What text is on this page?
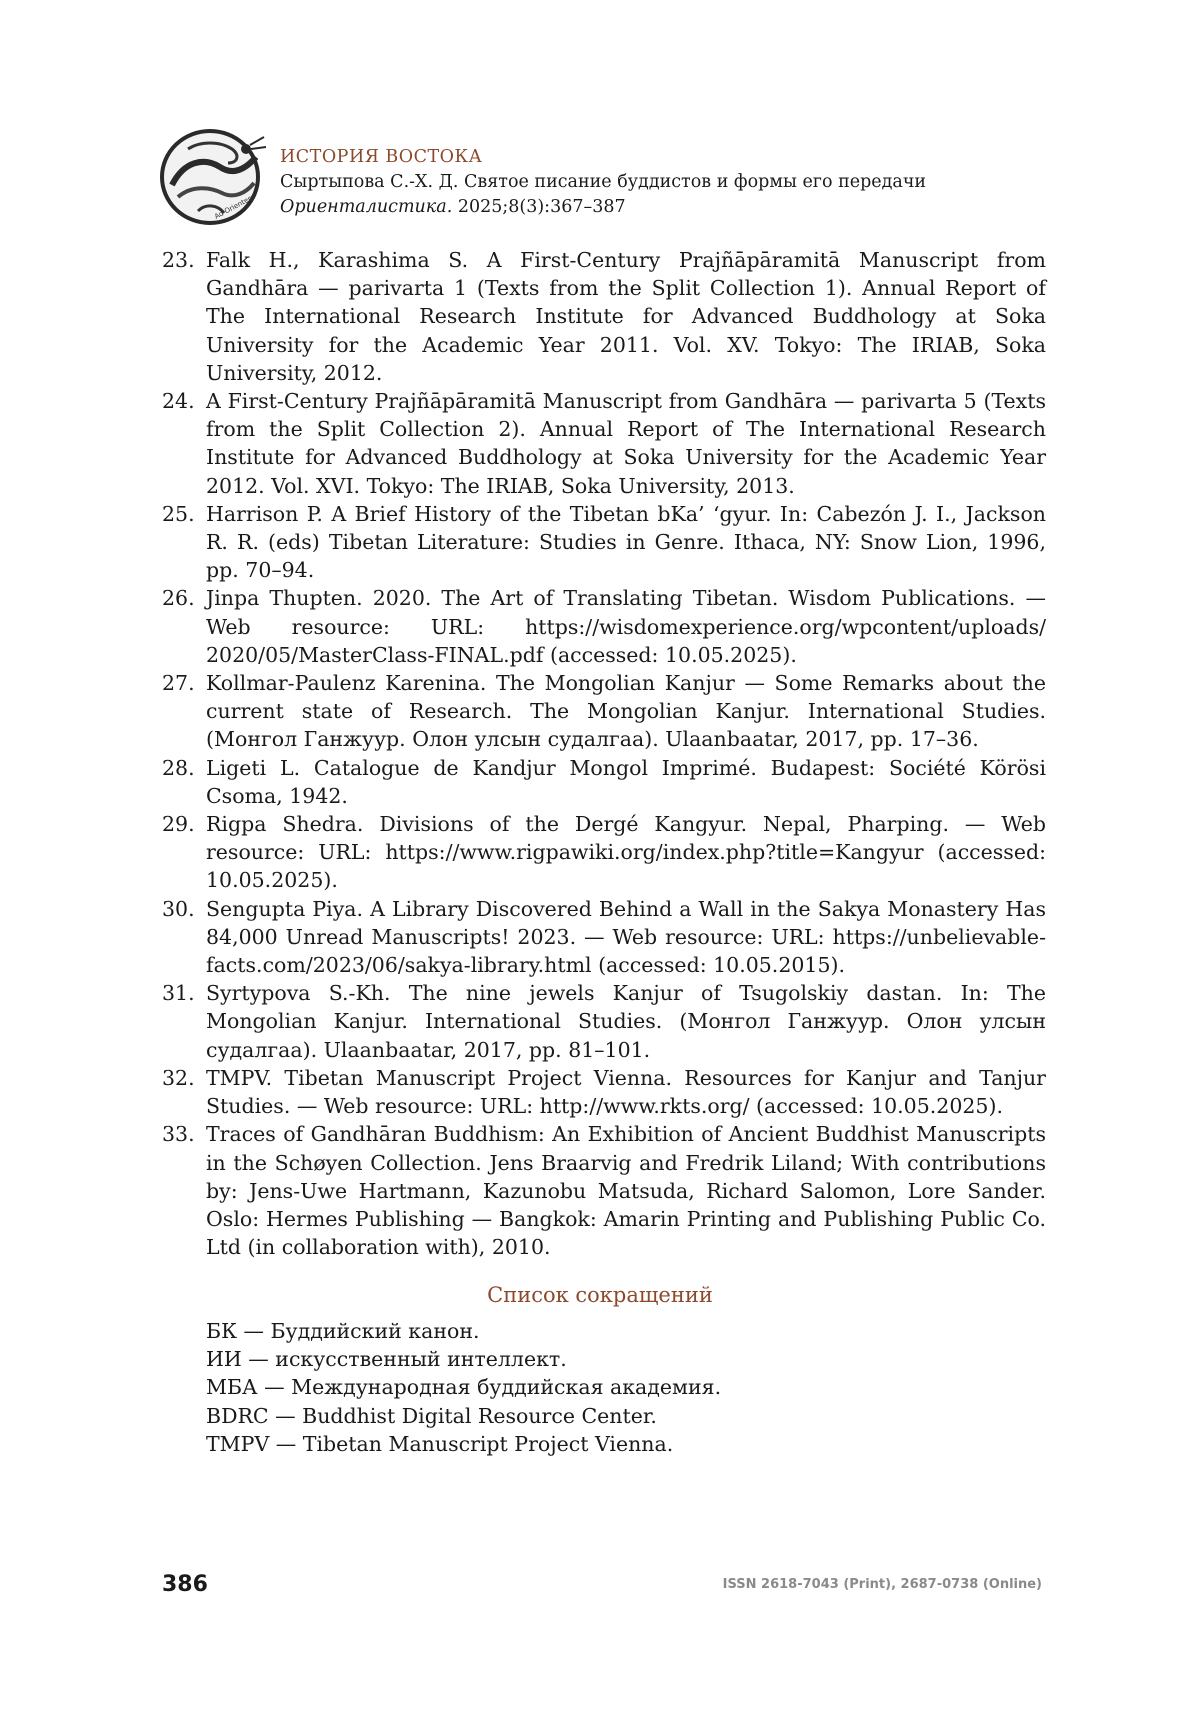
Ad Orientem
ИСТОРИЯ ВОСТОКА
Сыртыпова С.-Х. Д. Святое писание буддистов и формы его передачи
Ориенталистика. 2025;8(3):367–387
23. Falk H., Karashima S. A First-Century Prajñāpāramitā Manuscript from Gandhāra — parivarta 1 (Texts from the Split Collection 1). Annual Report of The International Research Institute for Advanced Buddhology at Soka University for the Academic Year 2011. Vol. XV. Tokyo: The IRIAB, Soka University, 2012.
24. A First-Century Prajñāpāramitā Manuscript from Gandhāra — parivarta 5 (Texts from the Split Collection 2). Annual Report of The International Research Institute for Advanced Buddhology at Soka University for the Academic Year 2012. Vol. XVI. Tokyo: The IRIAB, Soka University, 2013.
25. Harrison P. A Brief History of the Tibetan bKa’ ‘gyur. In: Cabezón J. I., Jackson R. R. (eds) Tibetan Literature: Studies in Genre. Ithaca, NY: Snow Lion, 1996, pp. 70–94.
26. Jinpa Thupten. 2020. The Art of Translating Tibetan. Wisdom Publications. — Web resource: URL: https://wisdomexperience.org/wpcontent/uploads/ 2020/05/MasterClass-FINAL.pdf (accessed: 10.05.2025).
27. Kollmar-Paulenz Karenina. The Mongolian Kanjur — Some Remarks about the current state of Research. The Mongolian Kanjur. International Studies. (Монгол Ганжуур. Олон улсын судалгаа). Ulaanbaatar, 2017, pp. 17–36.
28. Ligeti L. Catalogue de Kandjur Mongol Imprimé. Budapest: Société Körösi Csoma, 1942.
29. Rigpa Shedra. Divisions of the Dergé Kangyur. Nepal, Pharping. — Web resource: URL: https://www.rigpawiki.org/index.php?title=Kangyur (accessed: 10.05.2025).
30. Sengupta Piya. A Library Discovered Behind a Wall in the Sakya Monastery Has 84,000 Unread Manuscripts! 2023. — Web resource: URL: https://unbelievable-facts.com/2023/06/sakya-library.html (accessed: 10.05.2015).
31. Syrtypova S.-Kh. The nine jewels Kanjur of Tsugolskiy dastan. In: The Mongolian Kanjur. International Studies. (Монгол Ганжуур. Олон улсын судалгаа). Ulaanbaatar, 2017, pp. 81–101.
32. TMPV. Tibetan Manuscript Project Vienna. Resources for Kanjur and Tanjur Studies. — Web resource: URL: http://www.rkts.org/ (accessed: 10.05.2025).
33. Traces of Gandhāran Buddhism: An Exhibition of Ancient Buddhist Manuscripts in the Schøyen Collection. Jens Braarvig and Fredrik Liland; With contributions by: Jens-Uwe Hartmann, Kazunobu Matsuda, Richard Salomon, Lore Sander. Oslo: Hermes Publishing — Bangkok: Amarin Printing and Publishing Public Co. Ltd (in collaboration with), 2010.
Список сокращений
БК — Буддийский канон.
ИИ — искусственный интеллект.
МБА — Международная буддийская академия.
BDRC — Buddhist Digital Resource Center.
TMPV — Tibetan Manuscript Project Vienna.
386	ISSN 2618-7043 (Print), 2687-0738 (Online)
